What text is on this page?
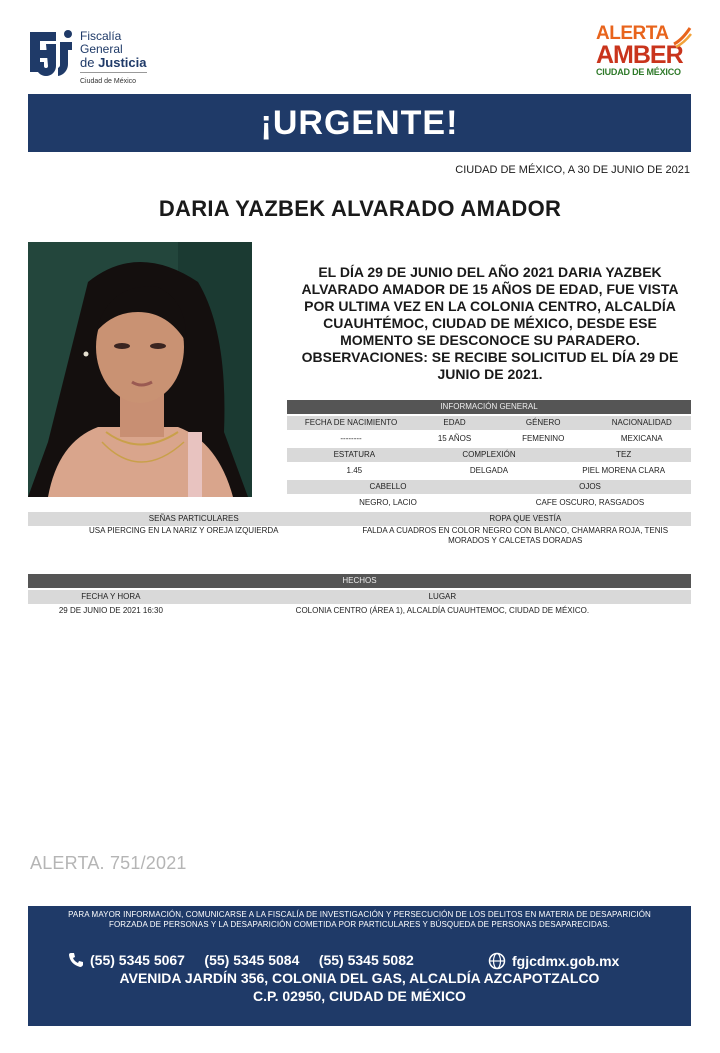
Fiscalía
General
de Justicia
Ciudad de México
ALERTA
AMBER
CIUDAD DE MÉXICO
¡URGENTE!
CIUDAD DE MÉXICO, A 30 DE JUNIO DE 2021
DARIA YAZBEK ALVARADO AMADOR
EL DÍA 29 DE JUNIO DEL AÑO 2021 DARIA YAZBEK ALVARADO AMADOR DE 15 AÑOS DE EDAD, FUE VISTA POR ULTIMA VEZ EN LA COLONIA CENTRO, ALCALDÍA CUAUHTÉMOC, CIUDAD DE MÉXICO, DESDE ESE MOMENTO SE DESCONOCE SU PARADERO. OBSERVACIONES: SE RECIBE SOLICITUD EL DÍA 29 DE JUNIO DE 2021.
INFORMACIÓN GENERAL
FECHA DE NACIMIENTO	EDAD	GÉNERO	NACIONALIDAD
--------	15 AÑOS	FEMENINO	MEXICANA
ESTATURA	COMPLEXIÓN	TEZ
1.45	DELGADA	PIEL MORENA CLARA
CABELLO	OJOS
NEGRO, LACIO	CAFE OSCURO, RASGADOS
SEÑAS PARTICULARES	ROPA QUE VESTÍA
USA PIERCING EN LA NARIZ Y OREJA IZQUIERDA	FALDA A CUADROS EN COLOR NEGRO CON BLANCO, CHAMARRA ROJA, TENIS MORADOS Y CALCETAS DORADAS
HECHOS
FECHA Y HORA	LUGAR
29 DE JUNIO DE 2021 16:30	COLONIA CENTRO (ÁREA 1), ALCALDÍA CUAUHTEMOC, CIUDAD DE MÉXICO.
ALERTA. 751/2021
PARA MAYOR INFORMACIÓN, COMUNICARSE A LA FISCALÍA DE INVESTIGACIÓN Y PERSECUCIÓN DE LOS DELITOS EN MATERIA DE DESAPARICIÓN FORZADA DE PERSONAS Y LA DESAPARICIÓN COMETIDA POR PARTICULARES Y BÚSQUEDA DE PERSONAS DESAPARECIDAS.
(55) 5345 5067     (55) 5345 5084     (55) 5345 5082	fgjcdmx.gob.mx
AVENIDA JARDÍN 356, COLONIA DEL GAS, ALCALDÍA AZCAPOTZALCO
C.P. 02950, CIUDAD DE MÉXICO
